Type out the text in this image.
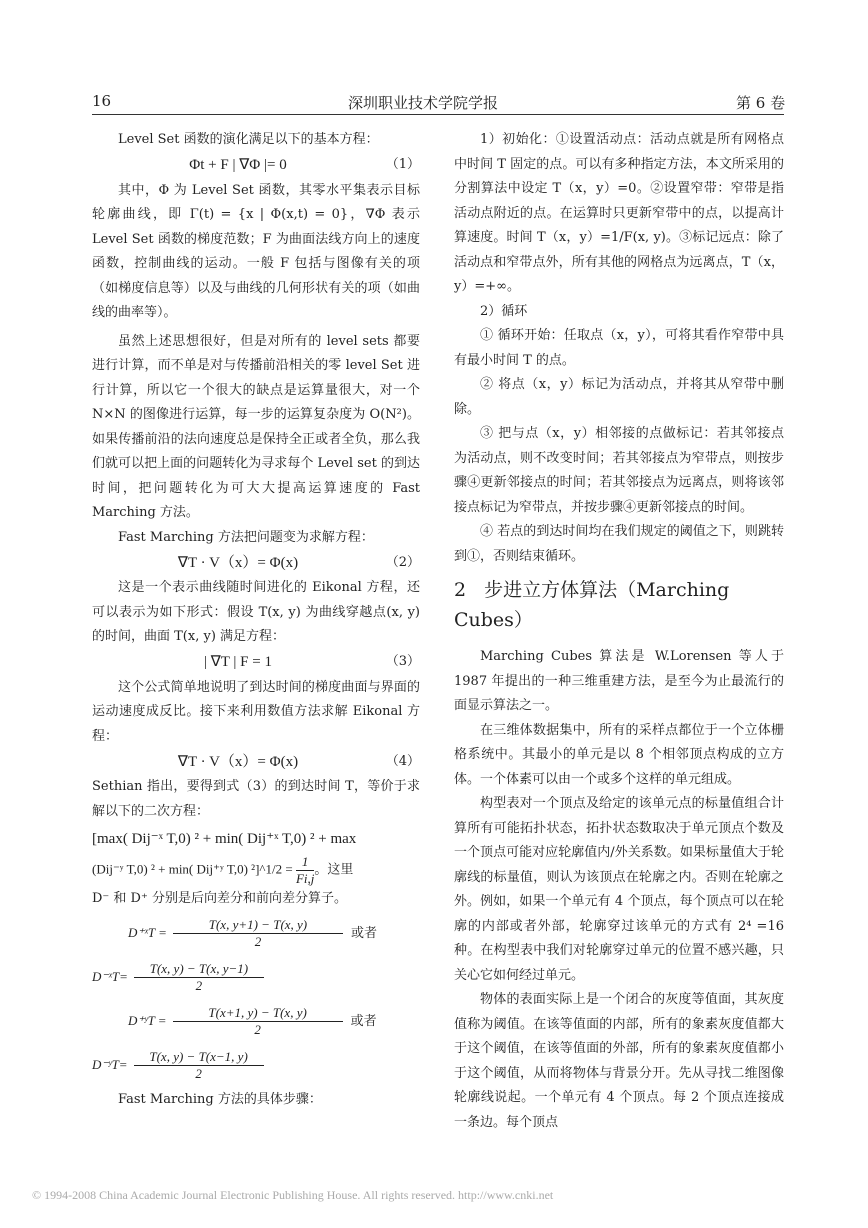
16	深圳职业技术学院学报	第 6 卷

Level Set 函数的演化满足以下的基本方程：

Φt + F | ∇Φ |= 0	（1）

其中，Φ 为 Level Set 函数，其零水平集表示目标轮廓曲线，即 Γ(t) = {x | Φ(x,t) = 0}，∇Φ 表示 Level Set 函数的梯度范数；F 为曲面法线方向上的速度函数，控制曲线的运动。一般 F 包括与图像有关的项（如梯度信息等）以及与曲线的几何形状有关的项（如曲线的曲率等）。

虽然上述思想很好，但是对所有的 level sets 都要进行计算，而不单是对与传播前沿相关的零 level Set 进行计算，所以它一个很大的缺点是运算量很大，对一个 N×N 的图像进行运算，每一步的运算复杂度为 O(N²)。如果传播前沿的法向速度总是保持全正或者全负，那么我们就可以把上面的问题转化为寻求每个 Level set 的到达时间，把问题转化为可大大提高运算速度的 Fast Marching 方法。

Fast Marching 方法把问题变为求解方程：

∇T · V（x）= Φ(x)	（2）

这是一个表示曲线随时间进化的 Eikonal 方程，还可以表示为如下形式：假设 T(x, y) 为曲线穿越点(x, y)的时间，曲面 T(x, y) 满足方程：

| ∇T | F = 1	（3）

这个公式简单地说明了到达时间的梯度曲面与界面的运动速度成反比。接下来利用数值方法求解 Eikonal 方程：

∇T · V（x）= Φ(x)	（4）

Sethian 指出，要得到式（3）的到达时间 T，等价于求解以下的二次方程：

[max( Dij⁻ˣ T,0) ² + min( Dij⁺ˣ T,0) ² + max
(Dij⁻ʸ T,0) ² + min( Dij⁺ʸ T,0) ²]^1/2 = $\frac{1}{Fi,j}$ 。这里

D⁻ 和 D⁺ 分别是后向差分和前向差分算子。

D⁺ˣT = $\frac{T(x, y+1) - T(x, y)}{2}$ 或者
D⁻ˣT= $\frac{T(x, y) - T(x, y-1)}{2}$
D⁺ʸT = $\frac{T(x+1, y) - T(x, y)}{2}$ 或者
D⁻ʸT= $\frac{T(x, y) - T(x-1, y)}{2}$

Fast Marching 方法的具体步骤：

1）初始化：①设置活动点：活动点就是所有网格点中时间 T 固定的点。可以有多种指定方法，本文所采用的分割算法中设定 T（x，y）=0。②设置窄带：窄带是指活动点附近的点。在运算时只更新窄带中的点，以提高计算速度。时间 T（x，y）=1/F(x, y)。③标记远点：除了活动点和窄带点外，所有其他的网格点为远离点，T（x，y）=+∞。

2）循环

① 循环开始：任取点（x，y），可将其看作窄带中具有最小时间 T 的点。

② 将点（x，y）标记为活动点，并将其从窄带中删除。

③ 把与点（x，y）相邻接的点做标记：若其邻接点为活动点，则不改变时间；若其邻接点为窄带点，则按步骤④更新邻接点的时间；若其邻接点为远离点，则将该邻接点标记为窄带点，并按步骤④更新邻接点的时间。

④ 若点的到达时间均在我们规定的阈值之下，则跳转到①，否则结束循环。

2 步进立方体算法（Marching Cubes）

Marching Cubes 算法是 W.Lorensen 等人于 1987 年提出的一种三维重建方法，是至今为止最流行的面显示算法之一。

在三维体数据集中，所有的采样点都位于一个立体栅格系统中。其最小的单元是以 8 个相邻顶点构成的立方体。一个体素可以由一个或多个这样的单元组成。

构型表对一个顶点及给定的该单元点的标量值组合计算所有可能拓扑状态，拓扑状态数取决于单元顶点个数及一个顶点可能对应轮廓值内/外关系数。如果标量值大于轮廓线的标量值，则认为该顶点在轮廓之内。否则在轮廓之外。例如，如果一个单元有 4 个顶点，每个顶点可以在轮廓的内部或者外部，轮廓穿过该单元的方式有 2⁴ =16 种。在构型表中我们对轮廓穿过单元的位置不感兴趣，只关心它如何经过单元。

物体的表面实际上是一个闭合的灰度等值面，其灰度值称为阈值。在该等值面的内部，所有的象素灰度值都大于这个阈值，在该等值面的外部，所有的象素灰度值都小于这个阈值，从而将物体与背景分开。先从寻找二维图像轮廓线说起。一个单元有 4 个顶点。每 2 个顶点连接成一条边。每个顶点

© 1994-2008 China Academic Journal Electronic Publishing House. All rights reserved. http://www.cnki.net
